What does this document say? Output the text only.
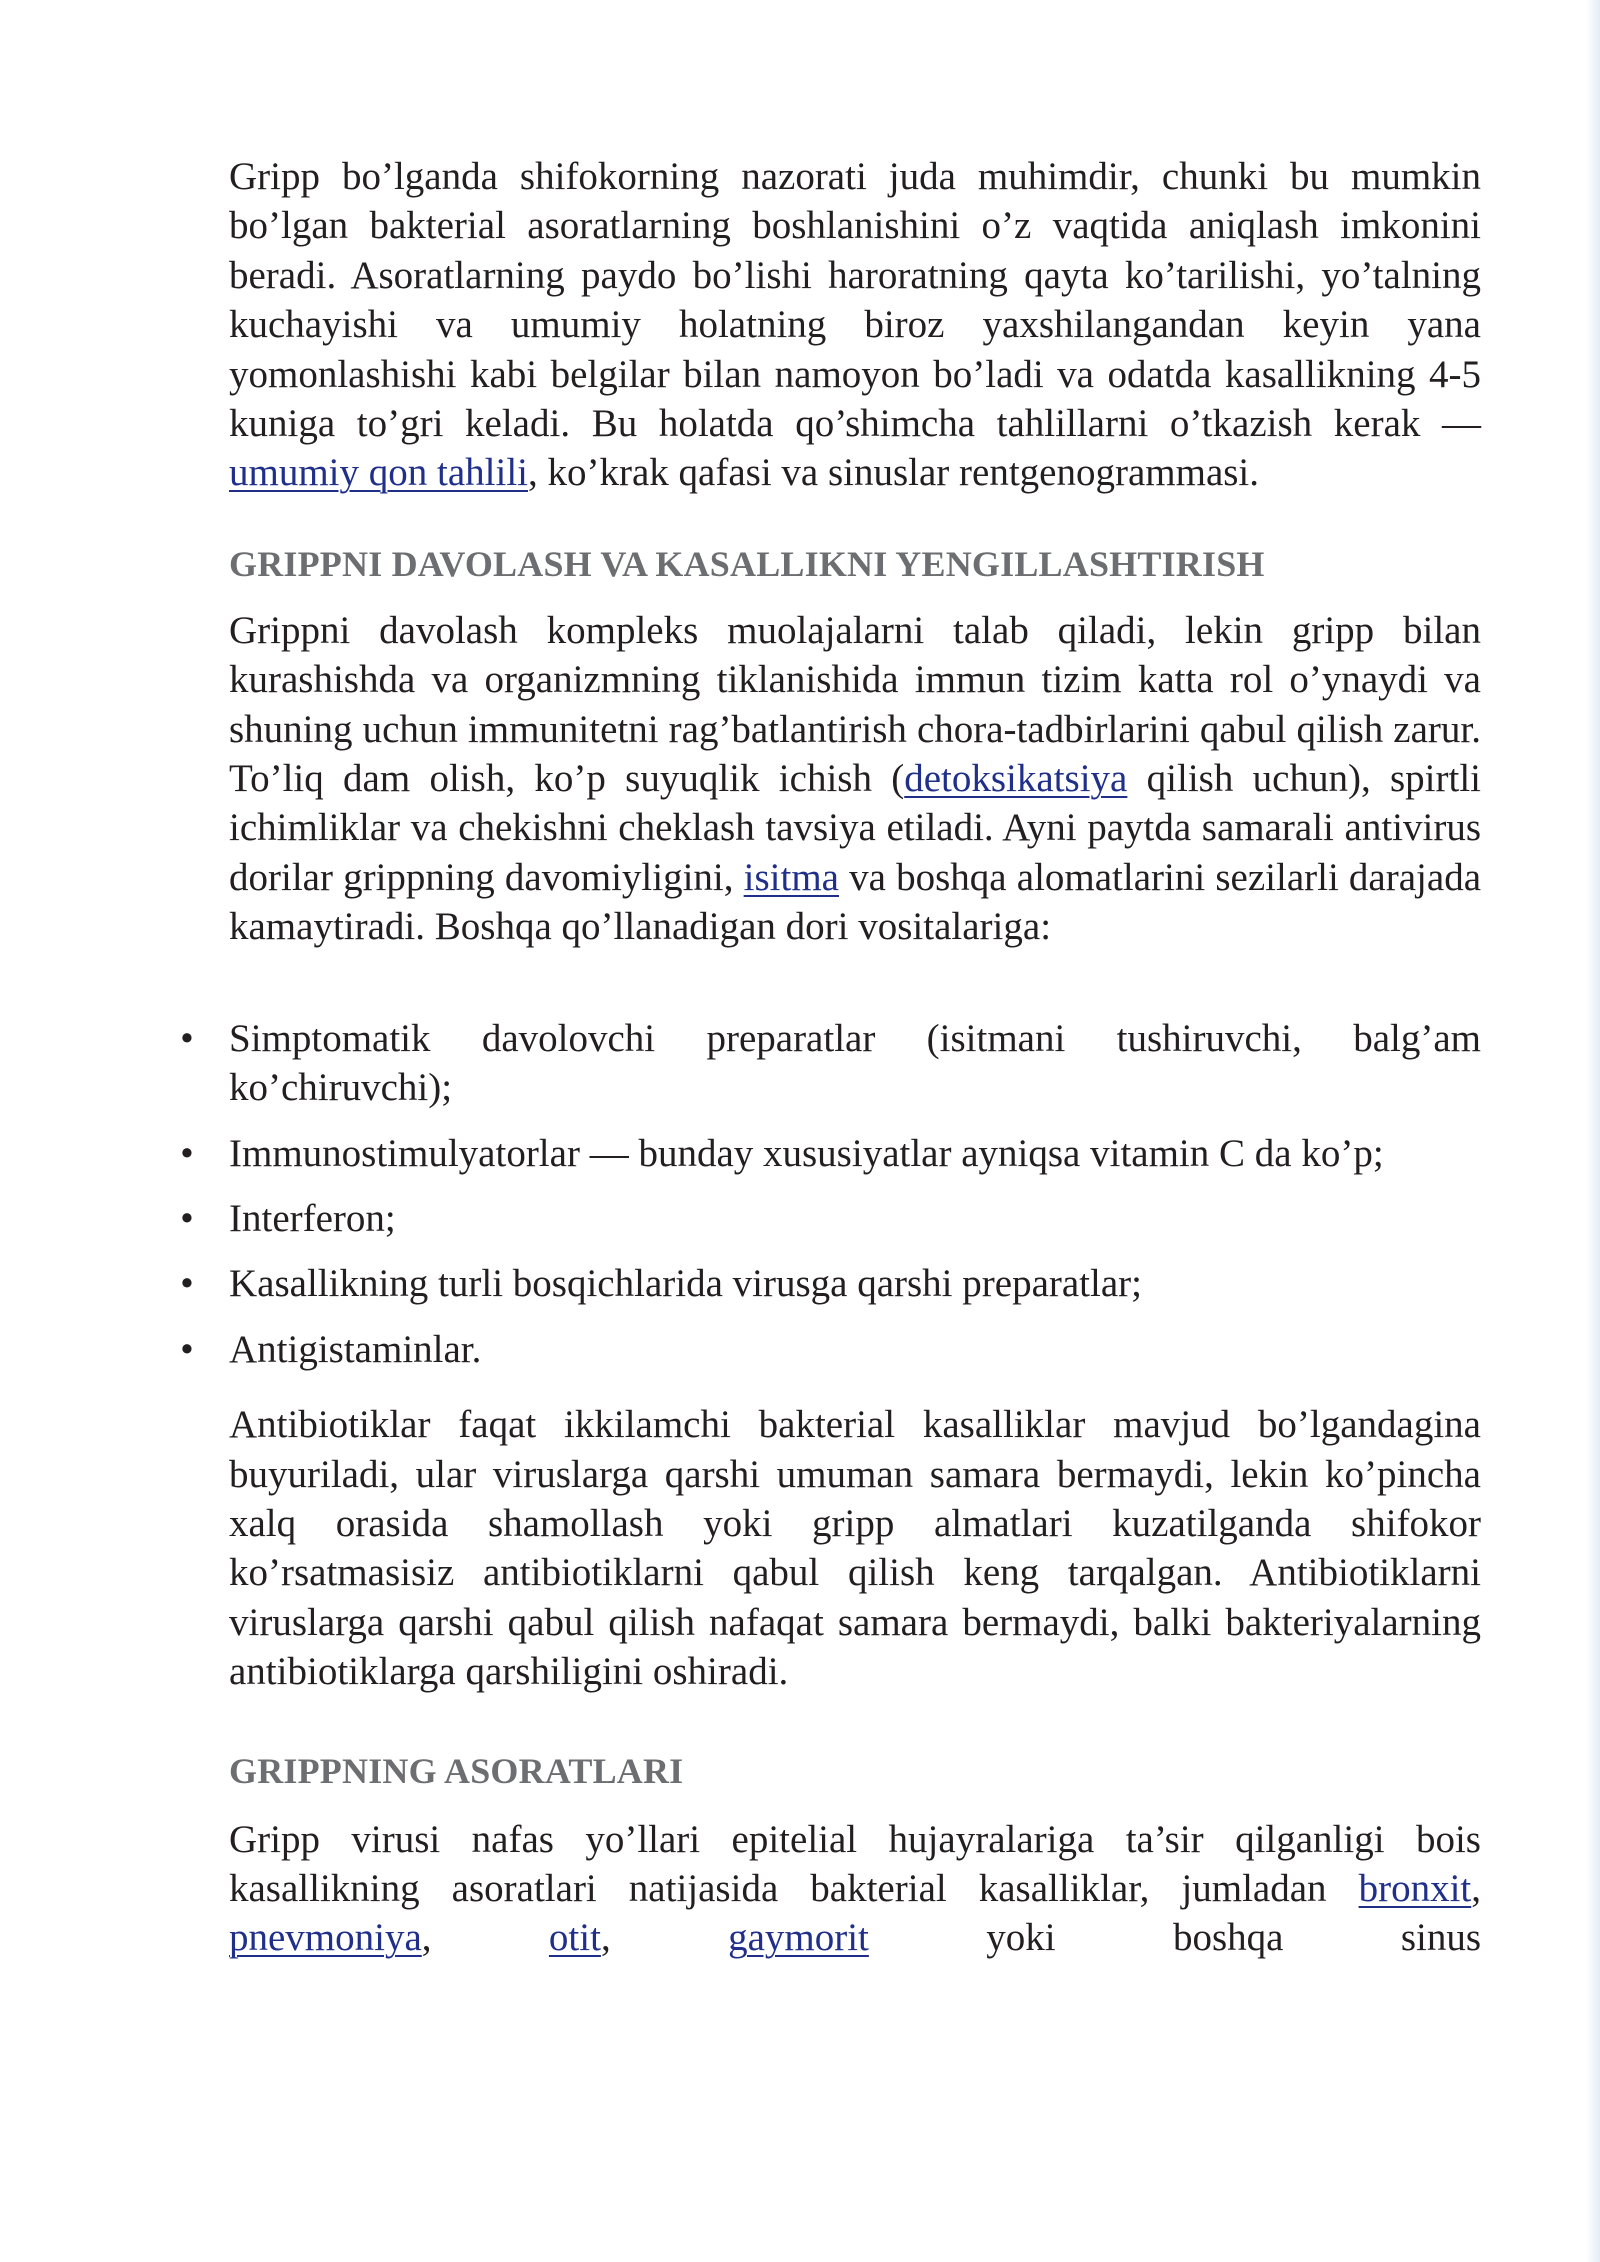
Gripp bo’lganda shifokorning nazorati juda muhimdir, chunki bu mumkin bo’lgan bakterial asoratlarning boshlanishini o’z vaqtida aniqlash imkonini beradi. Asoratlarning paydo bo’lishi haroratning qayta ko’tarilishi, yo’talning kuchayishi va umumiy holatning biroz yaxshilangandan keyin yana yomonlashishi kabi belgilar bilan namoyon bo’ladi va odatda kasallikning 4-5 kuniga to’gri keladi. Bu holatda qo’shimcha tahlillarni o’tkazish kerak — umumiy qon tahlili, ko’krak qafasi va sinuslar rentgenogrammasi.

GRIPPNI DAVOLASH VA KASALLIKNI YENGILLASHTIRISH

Grippni davolash kompleks muolajalarni talab qiladi, lekin gripp bilan kurashishda va organizmning tiklanishida immun tizim katta rol o’ynaydi va shuning uchun immunitetni rag’batlantirish chora-tadbirlarini qabul qilish zarur. To’liq dam olish, ko’p suyuqlik ichish (detoksikatsiya qilish uchun), spirtli ichimliklar va chekishni cheklash tavsiya etiladi. Ayni paytda samarali antivirus dorilar grippning davomiyligini, isitma va boshqa alomatlarini sezilarli darajada kamaytiradi. Boshqa qo’llanadigan dori vositalariga:

• Simptomatik davolovchi preparatlar (isitmani tushiruvchi, balg’am ko’chiruvchi);
• Immunostimulyatorlar — bunday xususiyatlar ayniqsa vitamin C da ko’p;
• Interferon;
• Kasallikning turli bosqichlarida virusga qarshi preparatlar;
• Antigistaminlar.

Antibiotiklar faqat ikkilamchi bakterial kasalliklar mavjud bo’lgandagina buyuriladi, ular viruslarga qarshi umuman samara bermaydi, lekin ko’pincha xalq orasida shamollash yoki gripp almatlari kuzatilganda shifokor ko’rsatmasisiz antibiotiklarni qabul qilish keng tarqalgan. Antibiotiklarni viruslarga qarshi qabul qilish nafaqat samara bermaydi, balki bakteriyalarning antibiotiklarga qarshiligini oshiradi.

GRIPPNING ASORATLARI

Gripp virusi nafas yo’llari epitelial hujayralariga ta’sir qilganligi bois kasallikning asoratlari natijasida bakterial kasalliklar, jumladan bronxit, pnevmoniya, otit, gaymorit yoki boshqa sinus
